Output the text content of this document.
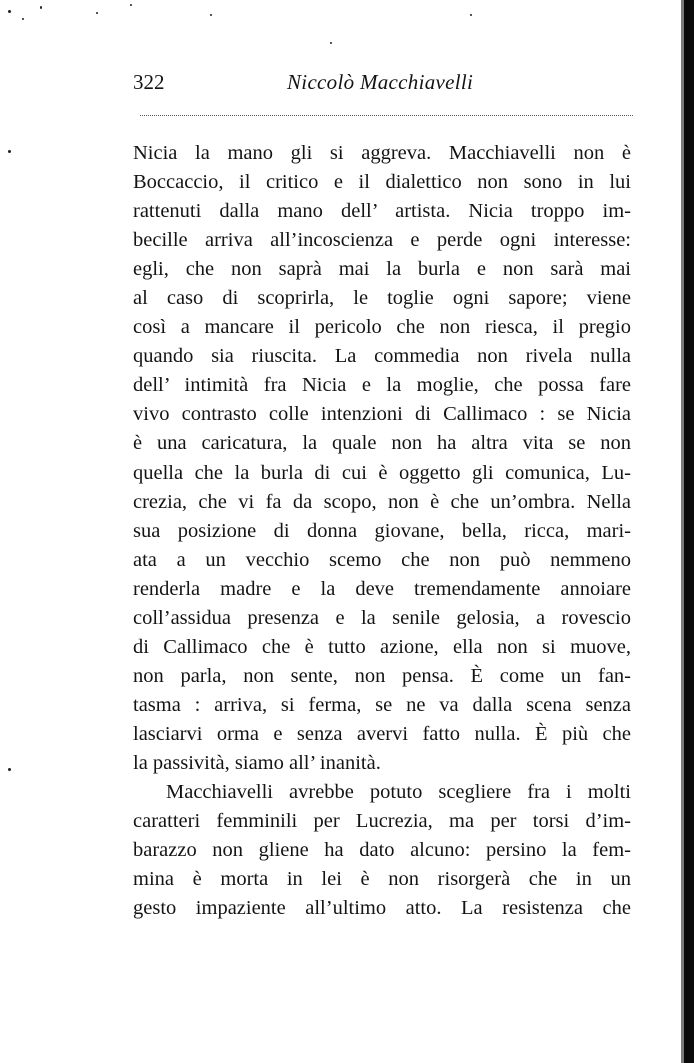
322	Niccolò Macchiavelli
Nicia la mano gli si aggreva. Macchiavelli non è
Boccaccio, il critico e il dialettico non sono in lui
rattenuti dalla mano dell’ artista. Nicia troppo im-
becille arriva all’incoscienza e perde ogni interesse:
egli, che non saprà mai la burla e non sarà mai
al caso di scoprirla, le toglie ogni sapore; viene
così a mancare il pericolo che non riesca, il pregio
quando sia riuscita. La commedia non rivela nulla
dell’ intimità fra Nicia e la moglie, che possa fare
vivo contrasto colle intenzioni di Callimaco : se Nicia
è una caricatura, la quale non ha altra vita se non
quella che la burla di cui è oggetto gli comunica, Lu-
crezia, che vi fa da scopo, non è che un’ombra. Nella
sua posizione di donna giovane, bella, ricca, mari-
ata a un vecchio scemo che non può nemmeno
renderla madre e la deve tremendamente annoiare
coll’assidua presenza e la senile gelosia, a rovescio
di Callimaco che è tutto azione, ella non si muove,
non parla, non sente, non pensa. È come un fan-
tasma : arriva, si ferma, se ne va dalla scena senza
lasciarvi orma e senza avervi fatto nulla. È più che
la passività, siamo all’ inanità.
Macchiavelli avrebbe potuto scegliere fra i molti
caratteri femminili per Lucrezia, ma per torsi d’im-
barazzo non gliene ha dato alcuno: persino la fem-
mina è morta in lei è non risorgerà che in un
gesto impaziente all’ultimo atto. La resistenza che
